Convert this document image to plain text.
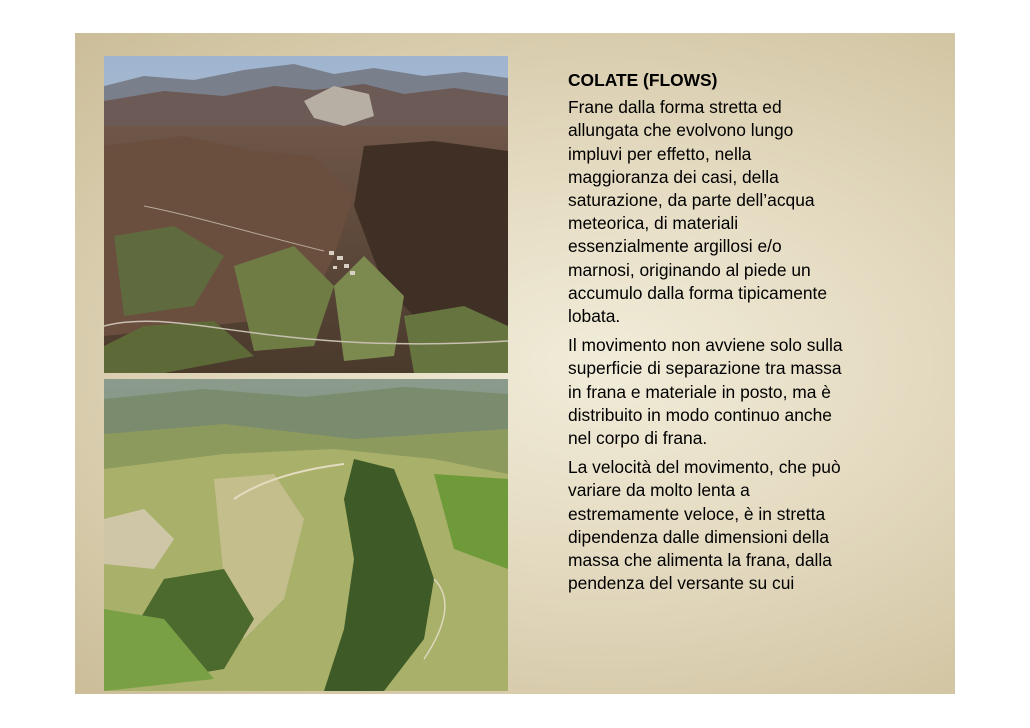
COLATE (FLOWS)

Frane dalla forma stretta ed
allungata che evolvono lungo
impluvi per effetto, nella
maggioranza dei casi, della
saturazione, da parte dell’acqua
meteorica, di materiali
essenzialmente argillosi e/o
marnosi, originando al piede un
accumulo dalla forma tipicamente
lobata.

Il movimento non avviene solo sulla
superficie di separazione tra massa
in frana e materiale in posto, ma è
distribuito in modo continuo anche
nel corpo di frana.

La velocità del movimento, che può
variare da molto lenta a
estremamente veloce, è in stretta
dipendenza dalle dimensioni della
massa che alimenta la frana, dalla
pendenza del versante su cui
